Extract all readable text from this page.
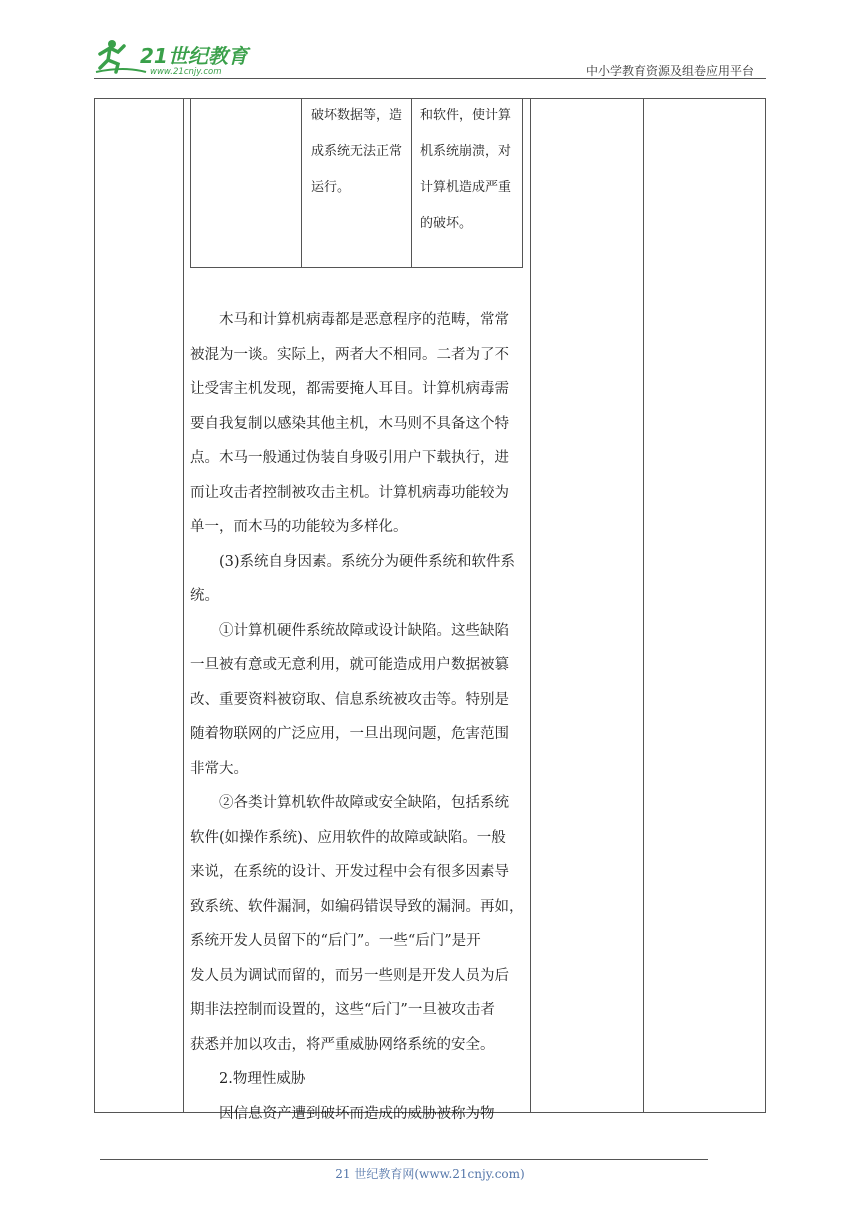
21世纪教育
www.21cnjy.com	中小学教育资源及组卷应用平台
破坏数据等，造
成系统无法正常
运行。
和软件，使计算
机系统崩溃，对
计算机造成严重
的破坏。
木马和计算机病毒都是恶意程序的范畴，常常
被混为一谈。实际上，两者大不相同。二者为了不
让受害主机发现，都需要掩人耳目。计算机病毒需
要自我复制以感染其他主机，木马则不具备这个特
点。木马一般通过伪装自身吸引用户下载执行，进
而让攻击者控制被攻击主机。计算机病毒功能较为
单一，而木马的功能较为多样化。
(3)系统自身因素。系统分为硬件系统和软件系
统。
①计算机硬件系统故障或设计缺陷。这些缺陷
一旦被有意或无意利用，就可能造成用户数据被篡
改、重要资料被窃取、信息系统被攻击等。特别是
随着物联网的广泛应用，一旦出现问题，危害范围
非常大。
②各类计算机软件故障或安全缺陷，包括系统
软件(如操作系统)、应用软件的故障或缺陷。一般
来说，在系统的设计、开发过程中会有很多因素导
致系统、软件漏洞，如编码错误导致的漏洞。再如，
系统开发人员留下的“后门”。一些“后门”是开
发人员为调试而留的，而另一些则是开发人员为后
期非法控制而设置的，这些“后门”一旦被攻击者
获悉并加以攻击，将严重威胁网络系统的安全。
2.物理性威胁
因信息资产遭到破坏而造成的威胁被称为物
21 世纪教育网(www.21cnjy.com)
